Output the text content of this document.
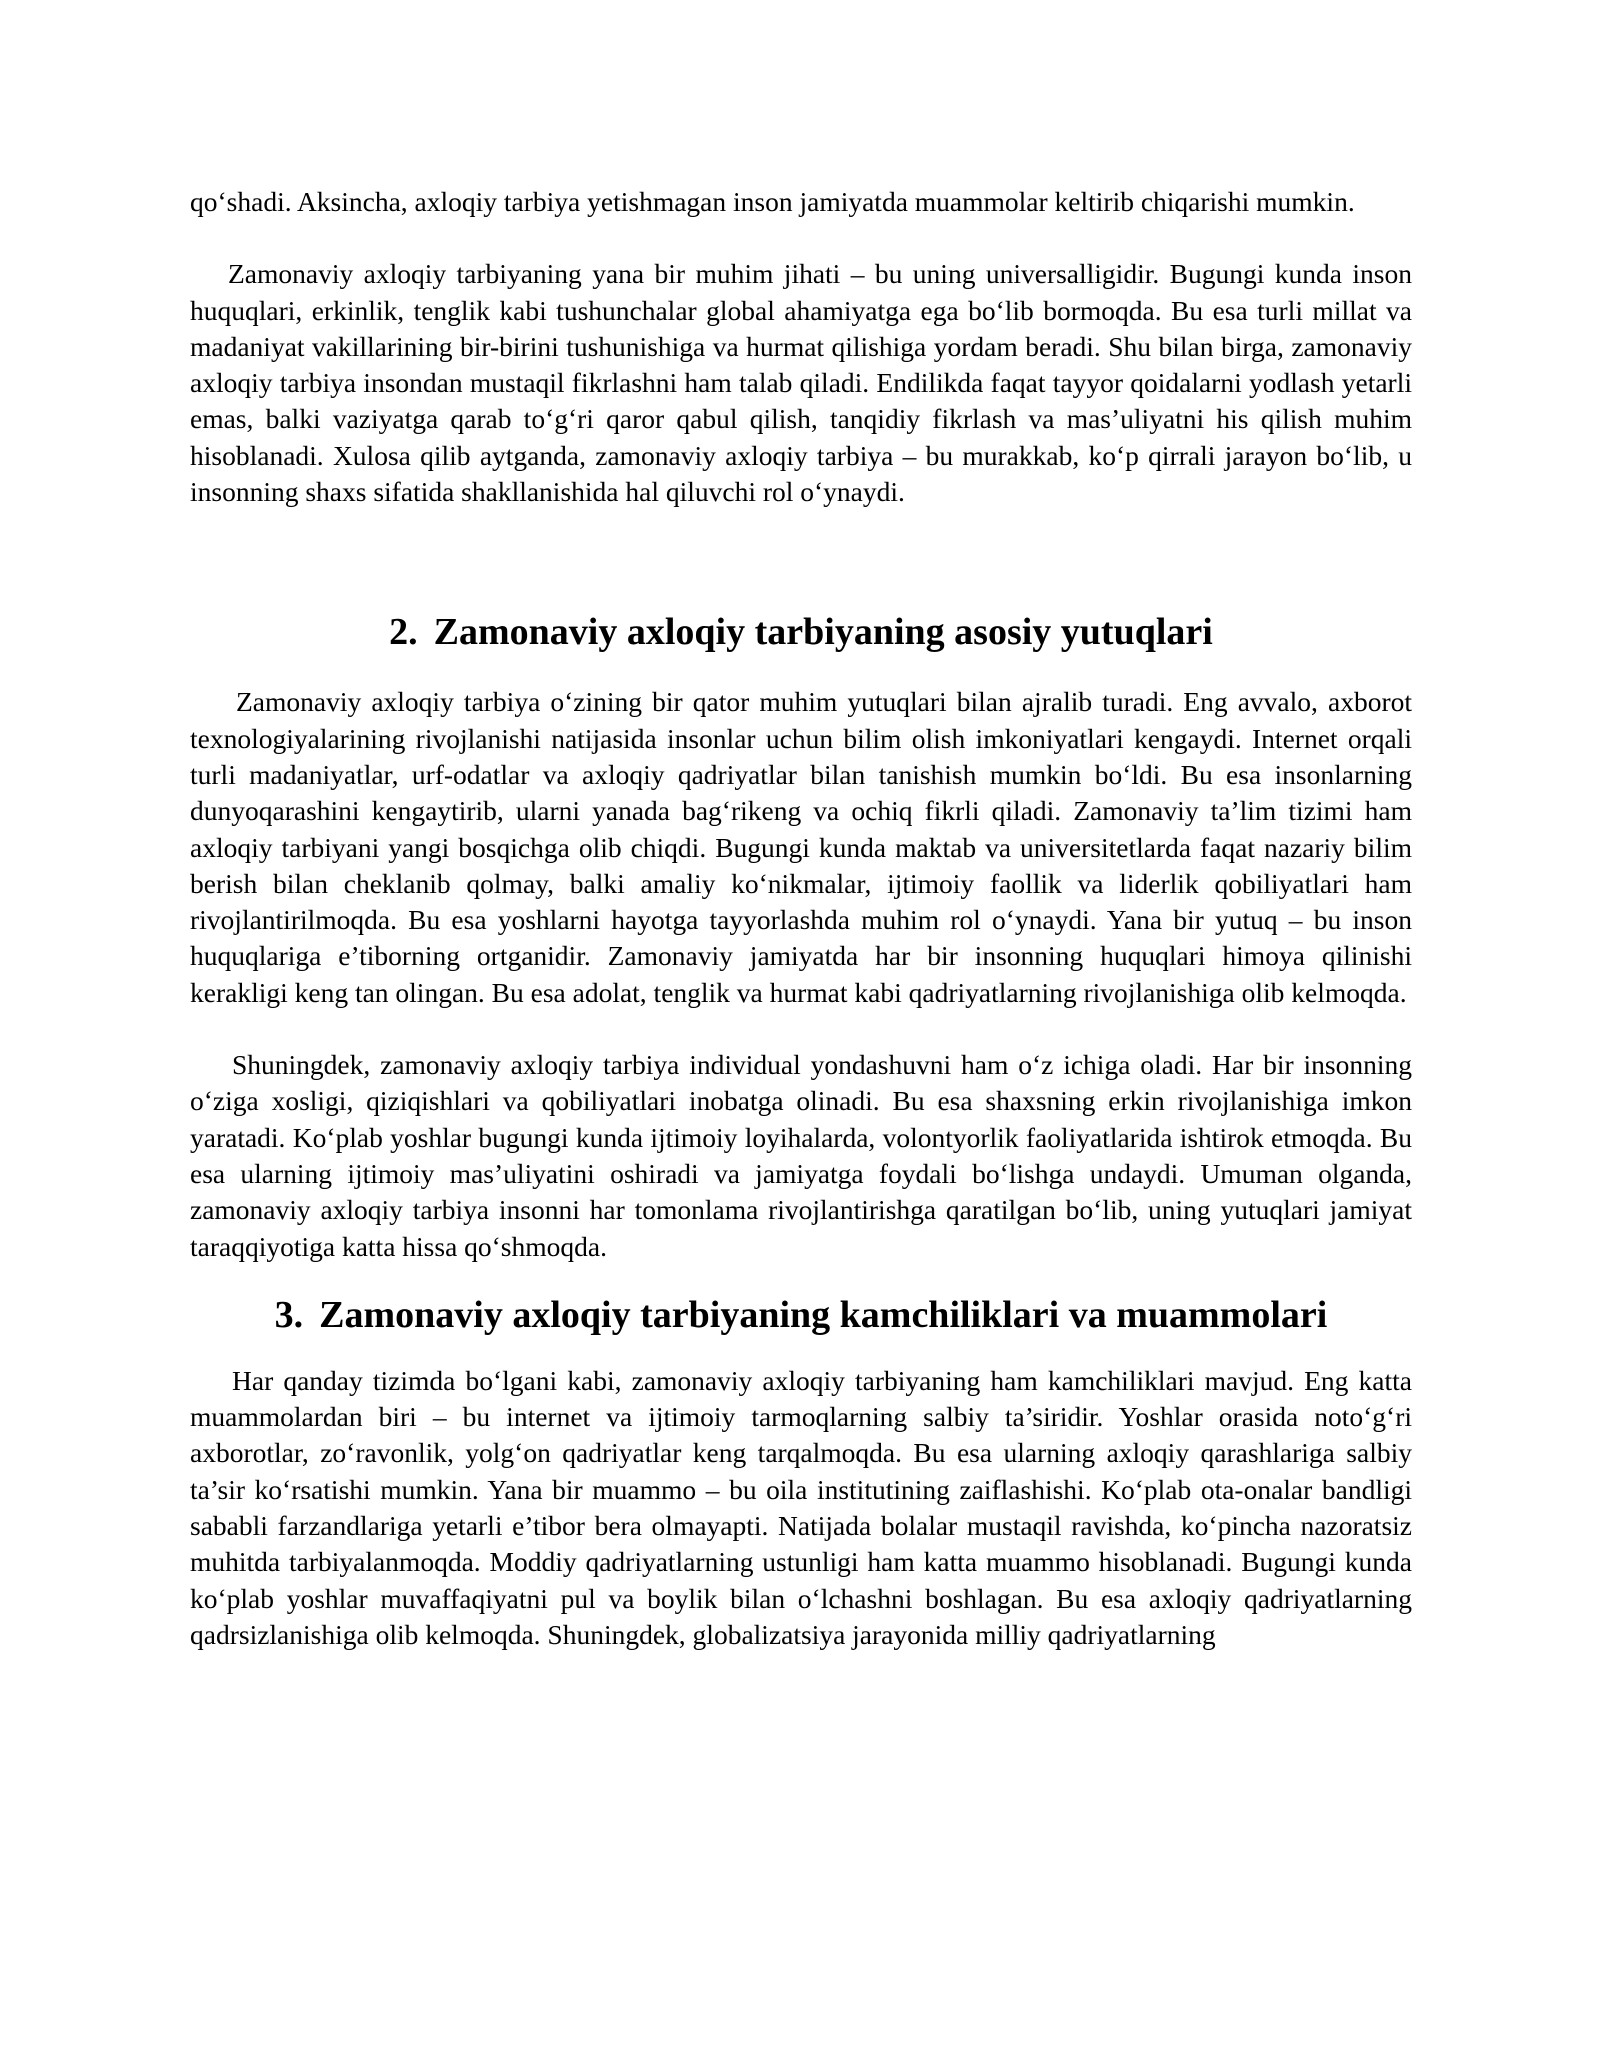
qo‘shadi. Aksincha, axloqiy tarbiya yetishmagan inson jamiyatda muammolar keltirib chiqarishi mumkin.

Zamonaviy axloqiy tarbiyaning yana bir muhim jihati – bu uning universalligidir. Bugungi kunda inson huquqlari, erkinlik, tenglik kabi tushunchalar global ahamiyatga ega bo‘lib bormoqda. Bu esa turli millat va madaniyat vakillarining bir-birini tushunishiga va hurmat qilishiga yordam beradi. Shu bilan birga, zamonaviy axloqiy tarbiya insondan mustaqil fikrlashni ham talab qiladi. Endilikda faqat tayyor qoidalarni yodlash yetarli emas, balki vaziyatga qarab to‘g‘ri qaror qabul qilish, tanqidiy fikrlash va mas’uliyatni his qilish muhim hisoblanadi. Xulosa qilib aytganda, zamonaviy axloqiy tarbiya – bu murakkab, ko‘p qirrali jarayon bo‘lib, u insonning shaxs sifatida shakllanishida hal qiluvchi rol o‘ynaydi.

2. Zamonaviy axloqiy tarbiyaning asosiy yutuqlari

Zamonaviy axloqiy tarbiya o‘zining bir qator muhim yutuqlari bilan ajralib turadi. Eng avvalo, axborot texnologiyalarining rivojlanishi natijasida insonlar uchun bilim olish imkoniyatlari kengaydi. Internet orqali turli madaniyatlar, urf-odatlar va axloqiy qadriyatlar bilan tanishish mumkin bo‘ldi. Bu esa insonlarning dunyoqarashini kengaytirib, ularni yanada bag‘rikeng va ochiq fikrli qiladi. Zamonaviy ta’lim tizimi ham axloqiy tarbiyani yangi bosqichga olib chiqdi. Bugungi kunda maktab va universitetlarda faqat nazariy bilim berish bilan cheklanib qolmay, balki amaliy ko‘nikmalar, ijtimoiy faollik va liderlik qobiliyatlari ham rivojlantirilmoqda. Bu esa yoshlarni hayotga tayyorlashda muhim rol o‘ynaydi. Yana bir yutuq – bu inson huquqlariga e’tiborning ortganidir. Zamonaviy jamiyatda har bir insonning huquqlari himoya qilinishi kerakligi keng tan olingan. Bu esa adolat, tenglik va hurmat kabi qadriyatlarning rivojlanishiga olib kelmoqda.

Shuningdek, zamonaviy axloqiy tarbiya individual yondashuvni ham o‘z ichiga oladi. Har bir insonning o‘ziga xosligi, qiziqishlari va qobiliyatlari inobatga olinadi. Bu esa shaxsning erkin rivojlanishiga imkon yaratadi. Ko‘plab yoshlar bugungi kunda ijtimoiy loyihalarda, volontyorlik faoliyatlarida ishtirok etmoqda. Bu esa ularning ijtimoiy mas’uliyatini oshiradi va jamiyatga foydali bo‘lishga undaydi. Umuman olganda, zamonaviy axloqiy tarbiya insonni har tomonlama rivojlantirishga qaratilgan bo‘lib, uning yutuqlari jamiyat taraqqiyotiga katta hissa qo‘shmoqda.

3. Zamonaviy axloqiy tarbiyaning kamchiliklari va muammolari

Har qanday tizimda bo‘lgani kabi, zamonaviy axloqiy tarbiyaning ham kamchiliklari mavjud. Eng katta muammolardan biri – bu internet va ijtimoiy tarmoqlarning salbiy ta’siridir. Yoshlar orasida noto‘g‘ri axborotlar, zo‘ravonlik, yolg‘on qadriyatlar keng tarqalmoqda. Bu esa ularning axloqiy qarashlariga salbiy ta’sir ko‘rsatishi mumkin. Yana bir muammo – bu oila institutining zaiflashishi. Ko‘plab ota-onalar bandligi sababli farzandlariga yetarli e’tibor bera olmayapti. Natijada bolalar mustaqil ravishda, ko‘pincha nazoratsiz muhitda tarbiyalanmoqda. Moddiy qadriyatlarning ustunligi ham katta muammo hisoblanadi. Bugungi kunda ko‘plab yoshlar muvaffaqiyatni pul va boylik bilan o‘lchashni boshlagan. Bu esa axloqiy qadriyatlarning qadrsizlanishiga olib kelmoqda. Shuningdek, globalizatsiya jarayonida milliy qadriyatlarning
